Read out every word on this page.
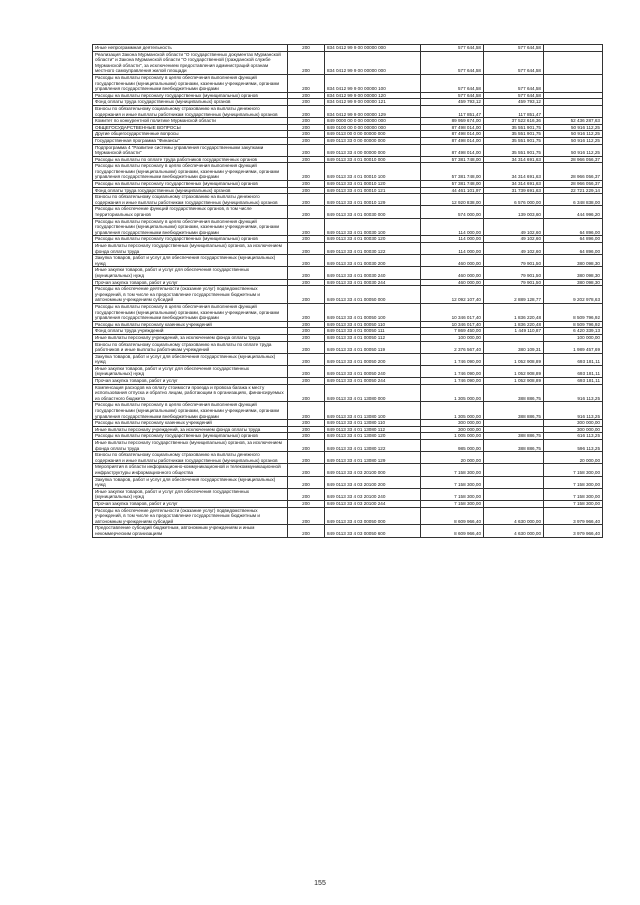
Иные непрограммная деятельность	200	834 0412 99 9 00 00000 000	577 644,58	577 644,58	
Реализация Закона Мурманской области "О государственных документах Мурманской области" и Закона Мурманской области "О государственной (гражданской службе Мурманской области", за исключением предоставления администраций органам местного самоуправления жилой площади	200	834 0412 99 9 00 00000 000	577 644,58	577 644,58	
Расходы на выплаты персоналу в целях обеспечения выполнения функций государственными (муниципальными) органами, казенными учреждениями, органами управления государственными внебюджетными фондами	200	834 0412 99 9 00 00000 100	577 644,58	577 644,58	
Расходы на выплаты персоналу государственных (муниципальных) органов	200	834 0412 99 9 00 00000 120	577 644,58	577 644,58	
Фонд оплаты труда государственных (муниципальных) органов	200	834 0412 99 9 00 00000 121	459 793,12	459 793,12	
Взносы по обязательному социальному страхованию на выплаты денежного содержания и иные выплаты работникам государственных (муниципальных) органов	200	834 0412 99 9 00 00000 129	117 851,47	117 851,47	
Комитет по конкурентной политике Мурманской области	200	849 0000 00 0 00 00000 000	89 959 674,00	37 522 616,36	52 436 287,63
ОБЩЕГОСУДАРСТВЕННЫЕ ВОПРОСЫ	200	849 0100 00 0 00 00000 000	87 498 014,00	35 551 901,75	50 916 112,25
Другие общегосударственные вопросы	200	849 0113 00 0 00 00000 000	87 498 014,00	35 551 901,75	50 916 112,25
Государственная программа "Финансы"	200	849 0113 33 0 00 00000 000	87 498 014,00	35 551 901,75	50 916 112,25
Подпрограмма 4 "Развитие системы управления государственными закупками Мурманской области"	200	849 0113 33 4 00 00000 000	87 498 014,00	35 551 901,75	50 916 112,25
Расходы на выплаты по оплате труда работников государственных органов	200	849 0113 33 4 01 00010 000	57 381 748,00	34 314 691,63	28 966 056,37
Расходы на выплаты персоналу в целях обеспечения выполнения функций государственными (муниципальными) органами, казенными учреждениями, органами управления государственными внебюджетными фондами	200	849 0113 33 4 01 00010 100	57 381 748,00	34 314 691,63	28 966 056,37
Расходы на выплаты персоналу государственных (муниципальных) органов	200	849 0113 33 4 01 00010 120	57 381 748,00	34 314 691,63	28 966 056,37
Фонд оплаты труда государственных (муниципальных) органов	200	849 0113 33 4 01 00010 121	44 461 101,97	31 739 691,63	22 721 229,14
Взносы по обязательному социальному страхованию на выплаты денежного содержания и иные выплаты работникам государственных (муниципальных) органов	200	849 0113 33 4 01 00010 129	12 920 838,00	6 576 000,00	6 348 838,00
Расходы на обеспечение функций государственных органов, в том числе территориальных органов	200	849 0113 33 4 01 00030 000	574 000,00	139 003,60	444 996,20
Расходы на выплаты персоналу в целях обеспечения выполнения функций государственными (муниципальными) органами, казенными учреждениями, органами управления государственными внебюджетными фондами	200	849 0113 33 4 01 00030 100	114 000,00	49 102,60	64 896,00
Расходы на выплаты персоналу государственных (муниципальных) органов	200	849 0113 33 4 01 00030 120	114 000,00	49 102,60	64 896,00
Иные выплаты персоналу государственных (муниципальных) органов, за исключением фонда оплаты труда	200	849 0113 33 4 01 00030 122	114 000,00	49 102,60	64 896,00
Закупка товаров, работ и услуг для обеспечения государственных (муниципальных) нужд	200	849 0113 33 4 01 00030 200	460 000,00	79 901,50	380 098,30
Иные закупки товаров, работ и услуг для обеспечения государственных (муниципальных) нужд	200	849 0113 33 4 01 00030 240	460 000,00	79 901,50	380 098,30
Прочая закупка товаров, работ и услуг	200	849 0113 33 4 01 00030 244	460 000,00	79 901,50	380 098,30
Расходы на обеспечение деятельности (оказание услуг) подведомственных учреждений, в том числе на предоставление государственным бюджетным и автономным учреждениям субсидий	200	849 0113 33 4 01 00050 000	12 092 107,40	2 889 128,77	9 202 978,63
Расходы на выплаты персоналу в целях обеспечения выполнения функций государственными (муниципальными) органами, казенными учреждениями, органами управления государственными внебюджетными фондами	200	849 0113 33 4 01 00050 100	10 346 017,40	1 836 220,48	8 509 796,92
Расходы на выплаты персоналу казенных учреждений	200	849 0113 33 4 01 00050 110	10 346 017,40	1 836 220,48	8 509 796,92
Фонд оплаты труда учреждений	200	849 0113 33 4 01 00050 111	7 869 450,00	1 449 110,87	6 420 339,13
Иные выплаты персоналу учреждений, за исключением фонда оплаты труда	200	849 0113 33 4 01 00050 112	100 000,00		100 000,00
Взносы по обязательному социальному страхованию на выплаты по оплате труда работников и иные выплаты работникам учреждений	200	849 0113 33 4 01 00050 119	2 376 567,40	380 109,31	1 989 457,69
Закупка товаров, работ и услуг для обеспечения государственных (муниципальных) нужд	200	849 0113 33 4 01 00050 200	1 746 090,00	1 052 908,89	693 181,11
Иные закупки товаров, работ и услуг для обеспечения государственных (муниципальных) нужд	200	849 0113 33 4 01 00050 240	1 746 090,00	1 052 908,89	693 181,11
Прочая закупка товаров, работ и услуг	200	849 0113 33 4 01 00050 244	1 746 090,00	1 052 908,89	693 181,11
Компенсация расходов на оплату стоимости проезда и провоза багажа к месту использования отпуска и обратно лицам, работающим в организациях, финансируемых из областного бюджета	200	849 0113 33 4 01 13080 000	1 305 000,00	388 886,75	916 113,25
Расходы на выплаты персоналу в целях обеспечения выполнения функций государственными (муниципальными) органами, казенными учреждениями, органами управления государственными внебюджетными фондами	200	849 0113 33 4 01 13080 100	1 305 000,00	388 886,75	916 113,25
Расходы на выплаты персоналу казенных учреждений	200	849 0113 33 4 01 13080 110	300 000,00		300 000,00
Иные выплаты персоналу учреждений, за исключением фонда оплаты труда	200	849 0113 33 4 01 13080 112	300 000,00		300 000,00
Расходы на выплаты персоналу государственных (муниципальных) органов	200	849 0113 33 4 01 13080 120	1 005 000,00	388 886,75	616 113,25
Иные выплаты персоналу государственных (муниципальных) органов, за исключением фонда оплаты труда	200	849 0113 33 4 01 13080 122	985 000,00	388 886,75	596 113,25
Взносы по обязательному социальному страхованию на выплаты денежного содержания и иные выплаты работникам государственных (муниципальных) органов	200	849 0113 33 4 01 13080 129	20 000,00		20 000,00
Мероприятия в области информационно-коммуникационной и телекоммуникационной инфраструктуры информационного общества	200	849 0113 33 4 03 20100 000	7 158 300,00		7 158 300,00
Закупка товаров, работ и услуг для обеспечения государственных (муниципальных) нужд	200	849 0113 33 4 03 20100 200	7 158 300,00		7 158 300,00
Иные закупки товаров, работ и услуг для обеспечения государственных (муниципальных) нужд	200	849 0113 33 4 03 20100 240	7 158 300,00		7 158 300,00
Прочая закупка товаров, работ и услуг	200	849 0113 33 4 03 20100 244	7 158 300,00		7 158 300,00
Расходы на обеспечение деятельности (оказание услуг) подведомственных учреждений, в том числе на предоставление государственным бюджетным и автономным учреждениям субсидий	200	849 0113 33 4 03 00050 000	8 609 966,40	4 630 000,00	3 979 966,40
Предоставление субсидий бюджетным, автономным учреждениям и иным некоммерческим организациям	200	849 0113 33 4 03 00050 600	8 609 966,40	4 630 000,00	3 979 966,40
155
